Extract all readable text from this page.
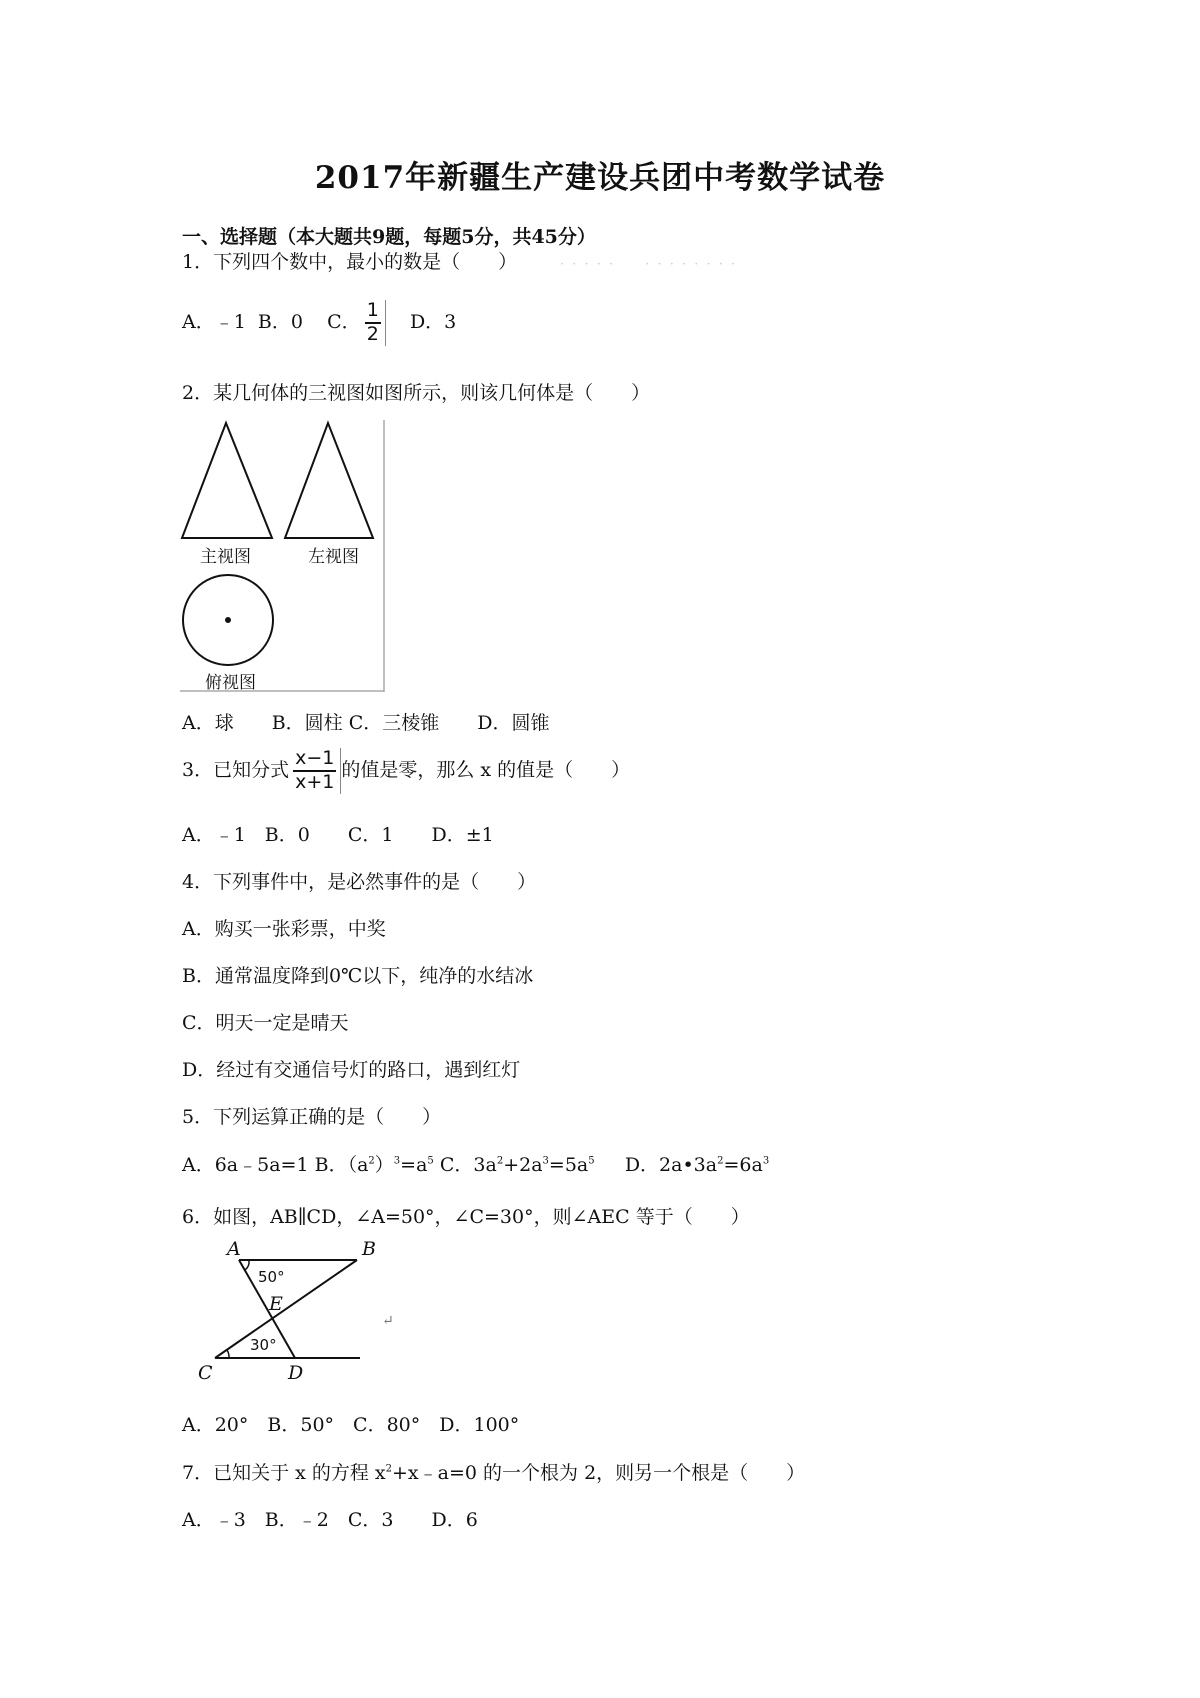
2017年新疆生产建设兵团中考数学试卷
一、选择题（本大题共9题，每题5分，共45分）
1．下列四个数中，最小的数是（　　）	· · · · ·　　· · · · · · · ·
A．﹣1 B．0 C． $\frac{1}{2}$ D．3
2．某几何体的三视图如图所示，则该几何体是（　　）
主视图	左视图
俯视图
A．球　　B．圆柱 C．三棱锥　　D．圆锥
3．已知分式 $\frac{x-1}{x+1}$ 的值是零，那么 x 的值是（　　）
A．﹣1　B．0　　C．1　　D．±1
4．下列事件中，是必然事件的是（　　）
A．购买一张彩票，中奖
B．通常温度降到0℃以下，纯净的水结冰
C．明天一定是晴天
D．经过有交通信号灯的路口，遇到红灯
5．下列运算正确的是（　　）
A．6a﹣5a=1 B．$(a^2)^3=a^5$ C．$3a^2+2a^3=5a^5$ D．$2a•3a^2=6a^3$
6．如图，AB∥CD，∠A=50°，∠C=30°，则∠AEC 等于（　　）
A	B
C	D
E
50°
30°
↵
A．20°　B．50°　C．80°　D．100°
7．已知关于 x 的方程 $x^2+x﹣a=0$ 的一个根为 2，则另一个根是（　　）
A．﹣3　B．﹣2　C．3　　D．6
